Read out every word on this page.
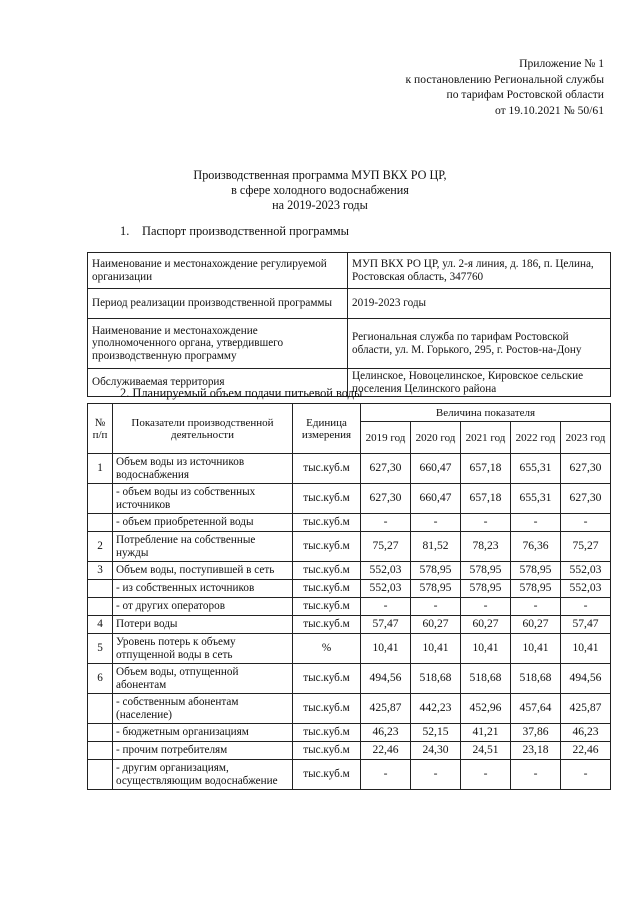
Приложение № 1
к постановлению Региональной службы
по тарифам Ростовской области
от 19.10.2021 № 50/61
Производственная программа МУП ВКХ РО ЦР,
в сфере холодного водоснабжения
на 2019-2023 годы
1. Паспорт производственной программы
Наименование и местонахождение регулируемой организации	МУП ВКХ РО ЦР, ул. 2-я линия, д. 186, п. Целина, Ростовская область, 347760
Период реализации производственной программы	2019-2023 годы
Наименование и местонахождение уполномоченного органа, утвердившего производственную программу	Региональная служба по тарифам Ростовской области, ул. М. Горького, 295, г. Ростов-на-Дону
Обслуживаемая территория	Целинское, Новоцелинское, Кировское сельские поселения Целинского района
2. Планируемый объем подачи питьевой воды
№ п/п	Показатели производственной деятельности	Единица измерения	Величина показателя				
			2019 год	2020 год	2021 год	2022 год	2023 год
1	Объем воды из источников водоснабжения	тыс.куб.м	627,30	660,47	657,18	655,31	627,30
	- объем воды из собственных источников	тыс.куб.м	627,30	660,47	657,18	655,31	627,30
	- объем приобретенной воды	тыс.куб.м	-	-	-	-	-
2	Потребление на собственные нужды	тыс.куб.м	75,27	81,52	78,23	76,36	75,27
3	Объем воды, поступившей в сеть	тыс.куб.м	552,03	578,95	578,95	578,95	552,03
	- из собственных источников	тыс.куб.м	552,03	578,95	578,95	578,95	552,03
	- от других операторов	тыс.куб.м	-	-	-	-	-
4	Потери воды	тыс.куб.м	57,47	60,27	60,27	60,27	57,47
5	Уровень потерь к объему отпущенной воды в сеть	%	10,41	10,41	10,41	10,41	10,41
6	Объем воды, отпущенной абонентам	тыс.куб.м	494,56	518,68	518,68	518,68	494,56
	- собственным абонентам (население)	тыс.куб.м	425,87	442,23	452,96	457,64	425,87
	- бюджетным организациям	тыс.куб.м	46,23	52,15	41,21	37,86	46,23
	- прочим потребителям	тыс.куб.м	22,46	24,30	24,51	23,18	22,46
	- другим организациям, осуществляющим водоснабжение	тыс.куб.м	-	-	-	-	-
